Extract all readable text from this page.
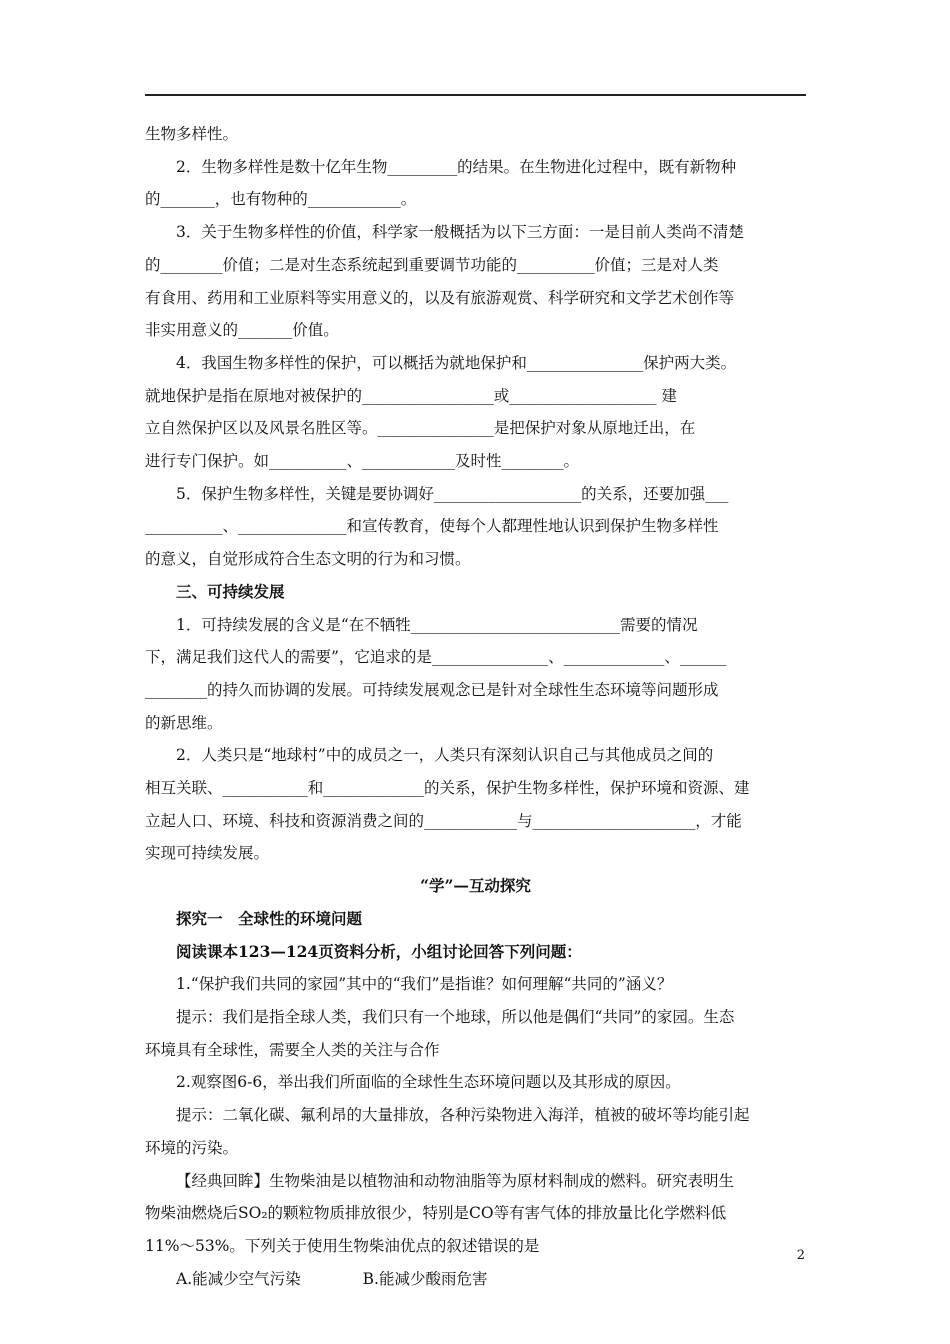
生物多样性。
2．生物多样性是数十亿年生物_________的结果。在生物进化过程中，既有新物种
的_______，也有物种的____________。
3．关于生物多样性的价值，科学家一般概括为以下三方面：一是目前人类尚不清楚
的________价值；二是对生态系统起到重要调节功能的__________价值；三是对人类
有食用、药用和工业原料等实用意义的，以及有旅游观赏、科学研究和文学艺术创作等
非实用意义的_______价值。
4．我国生物多样性的保护，可以概括为就地保护和_______________保护两大类。
就地保护是指在原地对被保护的_________________或___________________ 建
立自然保护区以及风景名胜区等。_______________是把保护对象从原地迁出，在
进行专门保护。如__________、____________及时性________。
5．保护生物多样性，关键是要协调好___________________的关系，还要加强___
__________、______________和宣传教育，使每个人都理性地认识到保护生物多样性
的意义，自觉形成符合生态文明的行为和习惯。
三、可持续发展
1．可持续发展的含义是“在不牺牲___________________________需要的情况
下，满足我们这代人的需要”，它追求的是_______________、_____________、______
________的持久而协调的发展。可持续发展观念已是针对全球性生态环境等问题形成
的新思维。
2．人类只是“地球村”中的成员之一，人类只有深刻认识自己与其他成员之间的
相互关联、___________和_____________的关系，保护生物多样性，保护环境和资源、建
立起人口、环境、科技和资源消费之间的____________与_____________________，才能
实现可持续发展。
“学”—互动探究
探究一　全球性的环境问题
阅读课本123—124页资料分析，小组讨论回答下列问题：
1.“保护我们共同的家园”其中的“我们”是指谁？如何理解“共同的”涵义？
提示：我们是指全球人类，我们只有一个地球，所以他是偶们“共同”的家园。生态
环境具有全球性，需要全人类的关注与合作
2.观察图6-6，举出我们所面临的全球性生态环境问题以及其形成的原因。
提示：二氧化碳、氟利昂的大量排放，各种污染物进入海洋，植被的破坏等均能引起
环境的污染。
【经典回眸】生物柴油是以植物油和动物油脂等为原材料制成的燃料。研究表明生
物柴油燃烧后SO₂的颗粒物质排放很少，特别是CO等有害气体的排放量比化学燃料低
11%～53%。下列关于使用生物柴油优点的叙述错误的是
A.能减少空气污染　　　　B.能减少酸雨危害
2
